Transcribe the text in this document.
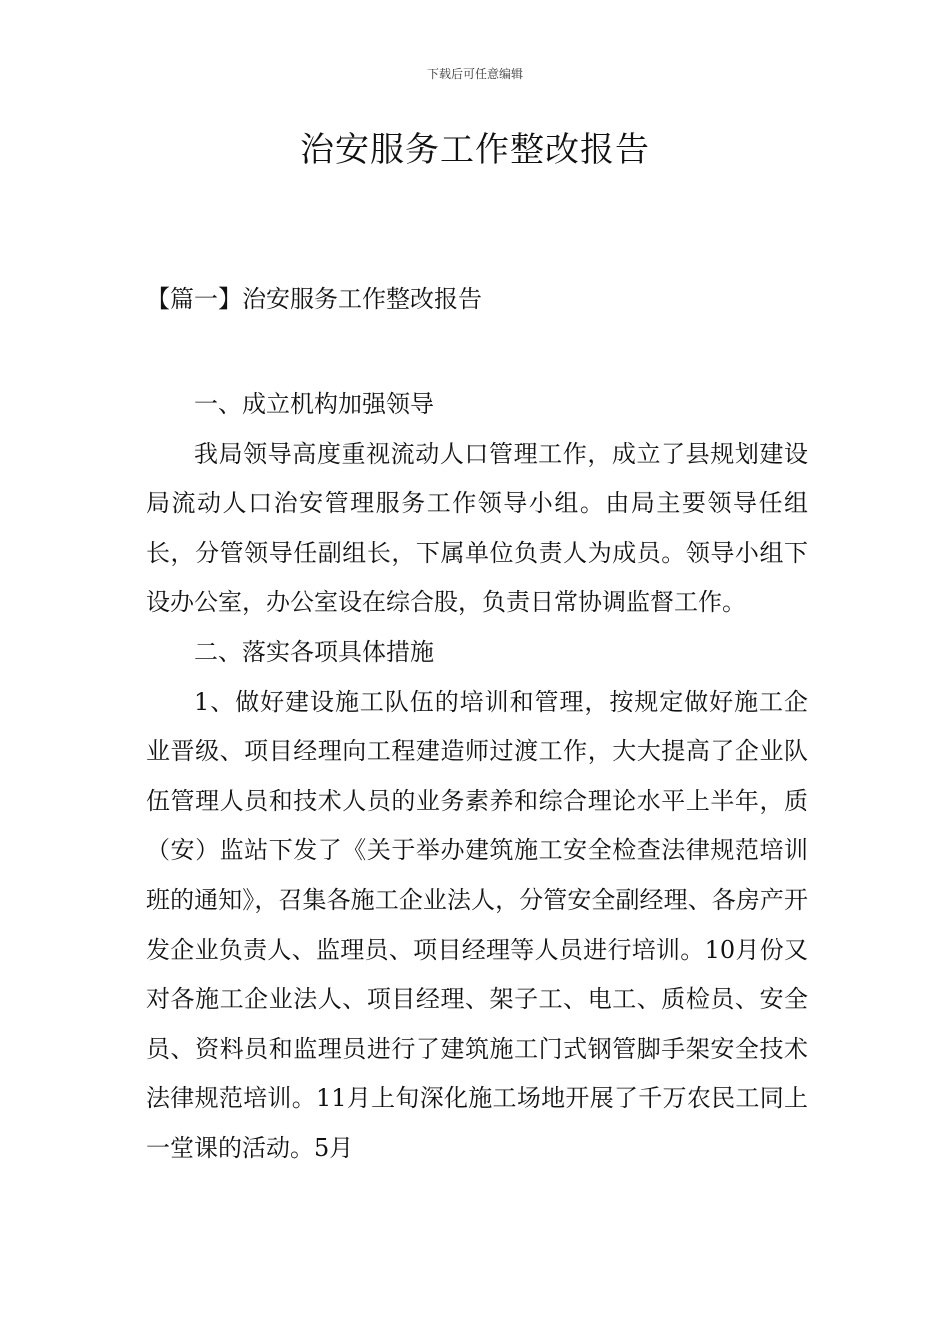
下载后可任意编辑
治安服务工作整改报告
【篇一】治安服务工作整改报告

一、成立机构加强领导

我局领导高度重视流动人口管理工作，成立了县规划建设局流动人口治安管理服务工作领导小组。由局主要领导任组长，分管领导任副组长，下属单位负责人为成员。领导小组下设办公室，办公室设在综合股，负责日常协调监督工作。

二、落实各项具体措施

1、做好建设施工队伍的培训和管理，按规定做好施工企业晋级、项目经理向工程建造师过渡工作，大大提高了企业队伍管理人员和技术人员的业务素养和综合理论水平上半年，质（安）监站下发了《关于举办建筑施工安全检查法律规范培训班的通知》，召集各施工企业法人，分管安全副经理、各房产开发企业负责人、监理员、项目经理等人员进行培训。10月份又对各施工企业法人、项目经理、架子工、电工、质检员、安全员、资料员和监理员进行了建筑施工门式钢管脚手架安全技术法律规范培训。11月上旬深化施工场地开展了千万农民工同上一堂课的活动。5月
